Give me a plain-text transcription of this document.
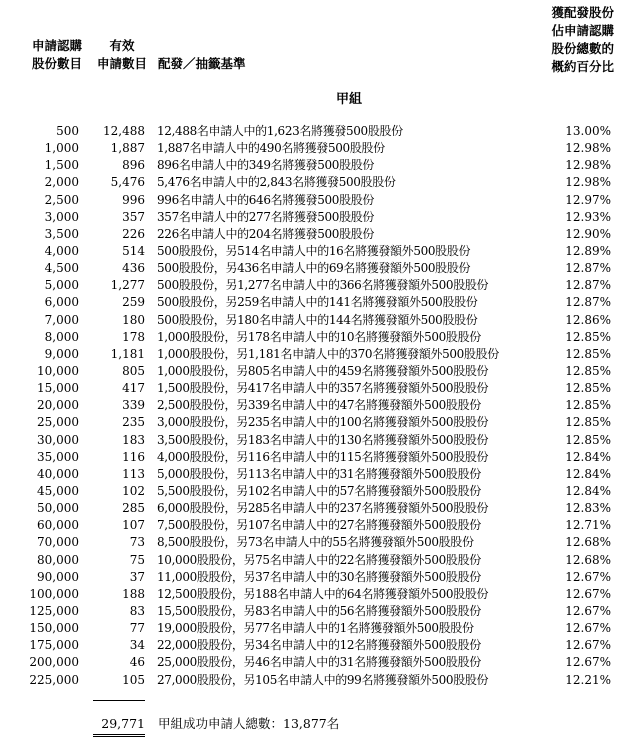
申請認購
股份數目
有效
申請數目 配發／抽籤基準
獲配發股份
佔申請認購
股份總數的
概約百分比
甲組
500 12,488 12,488名申請人中的1,623名將獲發500股股份	13.00%
1,000	1,887 1,887名申請人中的490名將獲發500股股份	12.98%
1,500	896 896名申請人中的349名將獲發500股股份	12.98%
2,000	5,476 5,476名申請人中的2,843名將獲發500股股份	12.98%
2,500	996 996名申請人中的646名將獲發500股股份	12.97%
3,000	357 357名申請人中的277名將獲發500股股份	12.93%
3,500	226 226名申請人中的204名將獲發500股股份	12.90%
4,000	514 500股股份，另514名申請人中的16名將獲發額外500股股份	12.89%
4,500	436 500股股份，另436名申請人中的69名將獲發額外500股股份	12.87%
5,000	1,277 500股股份，另1,277名申請人中的366名將獲發額外500股股份	12.87%
6,000	259 500股股份，另259名申請人中的141名將獲發額外500股股份	12.87%
7,000	180 500股股份，另180名申請人中的144名將獲發額外500股股份	12.86%
8,000	178 1,000股股份，另178名申請人中的10名將獲發額外500股股份	12.85%
9,000	1,181 1,000股股份，另1,181名申請人中的370名將獲發額外500股股份	12.85%
10,000	805 1,000股股份，另805名申請人中的459名將獲發額外500股股份	12.85%
15,000	417 1,500股股份，另417名申請人中的357名將獲發額外500股股份	12.85%
20,000	339 2,500股股份，另339名申請人中的47名將獲發額外500股股份	12.85%
25,000	235 3,000股股份，另235名申請人中的100名將獲發額外500股股份	12.85%
30,000	183 3,500股股份，另183名申請人中的130名將獲發額外500股股份	12.85%
35,000	116 4,000股股份，另116名申請人中的115名將獲發額外500股股份	12.84%
40,000	113 5,000股股份，另113名申請人中的31名將獲發額外500股股份	12.84%
45,000	102 5,500股股份，另102名申請人中的57名將獲發額外500股股份	12.84%
50,000	285 6,000股股份，另285名申請人中的237名將獲發額外500股股份	12.83%
60,000	107 7,500股股份，另107名申請人中的27名將獲發額外500股股份	12.71%
70,000	73 8,500股股份，另73名申請人中的55名將獲發額外500股股份	12.68%
80,000	75 10,000股股份，另75名申請人中的22名將獲發額外500股股份	12.68%
90,000	37 11,000股股份，另37名申請人中的30名將獲發額外500股股份	12.67%
100,000	188 12,500股股份，另188名申請人中的64名將獲發額外500股股份	12.67%
125,000	83 15,500股股份，另83名申請人中的56名將獲發額外500股股份	12.67%
150,000	77 19,000股股份，另77名申請人中的1名將獲發額外500股股份	12.67%
175,000	34 22,000股股份，另34名申請人中的12名將獲發額外500股股份	12.67%
200,000	46 25,000股股份，另46名申請人中的31名將獲發額外500股股份	12.67%
225,000	105 27,000股股份，另105名申請人中的99名將獲發額外500股股份	12.21%
29,771 甲組成功申請人總數：13,877名
